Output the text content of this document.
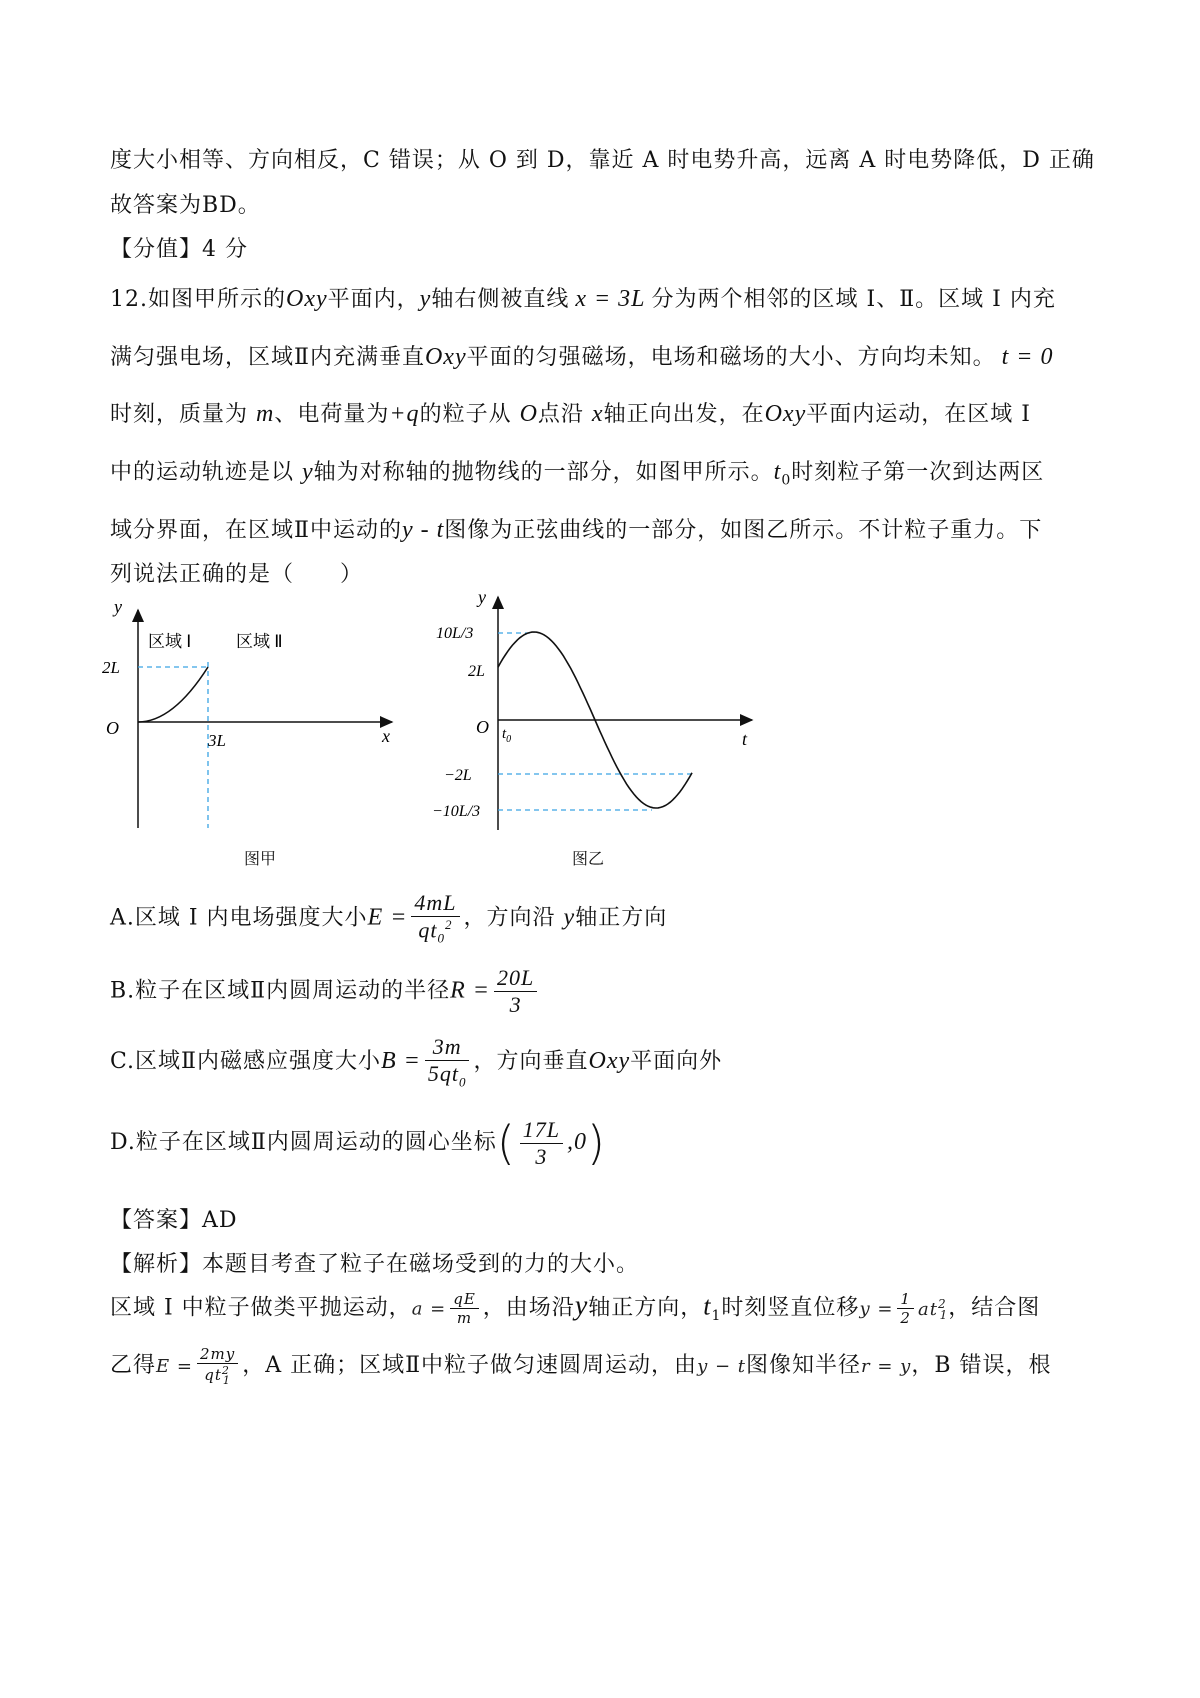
度大小相等、方向相反，C 错误；从 O 到 D，靠近 A 时电势升高，远离 A 时电势降低，D 正确
故答案为BD。
【分值】4 分
12.如图甲所示的Oxy平面内，y轴右侧被直线 x = 3L 分为两个相邻的区域 Ⅰ、Ⅱ。区域 Ⅰ 内充
满匀强电场，区域Ⅱ内充满垂直Oxy平面的匀强磁场，电场和磁场的大小、方向均未知。 t = 0
时刻，质量为 m、电荷量为+q的粒子从 O点沿 x轴正向出发，在Oxy平面内运动，在区域 Ⅰ
中的运动轨迹是以 y轴为对称轴的抛物线的一部分，如图甲所示。$t_0$时刻粒子第一次到达两区
域分界面，在区域Ⅱ中运动的y - t图像为正弦曲线的一部分，如图乙所示。不计粒子重力。下
列说法正确的是（　　）
y
x
O
2L
3L
区域 Ⅰ	区域 Ⅱ
图甲
y
t
O $t_0$
10L/3
2L
−2L
−10L/3
图乙
A.区域 Ⅰ 内电场强度大小$E = \frac{4mL}{qt_0^2}$ ，方向沿 y轴正方向
B.粒子在区域Ⅱ内圆周运动的半径$R = \frac{20L}{3}$
C.区域Ⅱ内磁感应强度大小$B = \frac{3m}{5qt_0}$ ，方向垂直Oxy平面向外
D.粒子在区域Ⅱ内圆周运动的圆心坐标( $\frac{17L}{3} ,0$)
【答案】AD
【解析】本题目考查了粒子在磁场受到的力的大小。
区域 Ⅰ 中粒子做类平抛运动，$a = \frac{qE}{m}$ ，由场沿y轴正方向，$t_1$时刻竖直位移$y = \frac{1}{2} at^2_1$，结合图
乙得$E = \frac{2my}{qt^2_1}$ ，A 正确；区域Ⅱ中粒子做匀速圆周运动，由y − t图像知半径r = y，B 错误，根
